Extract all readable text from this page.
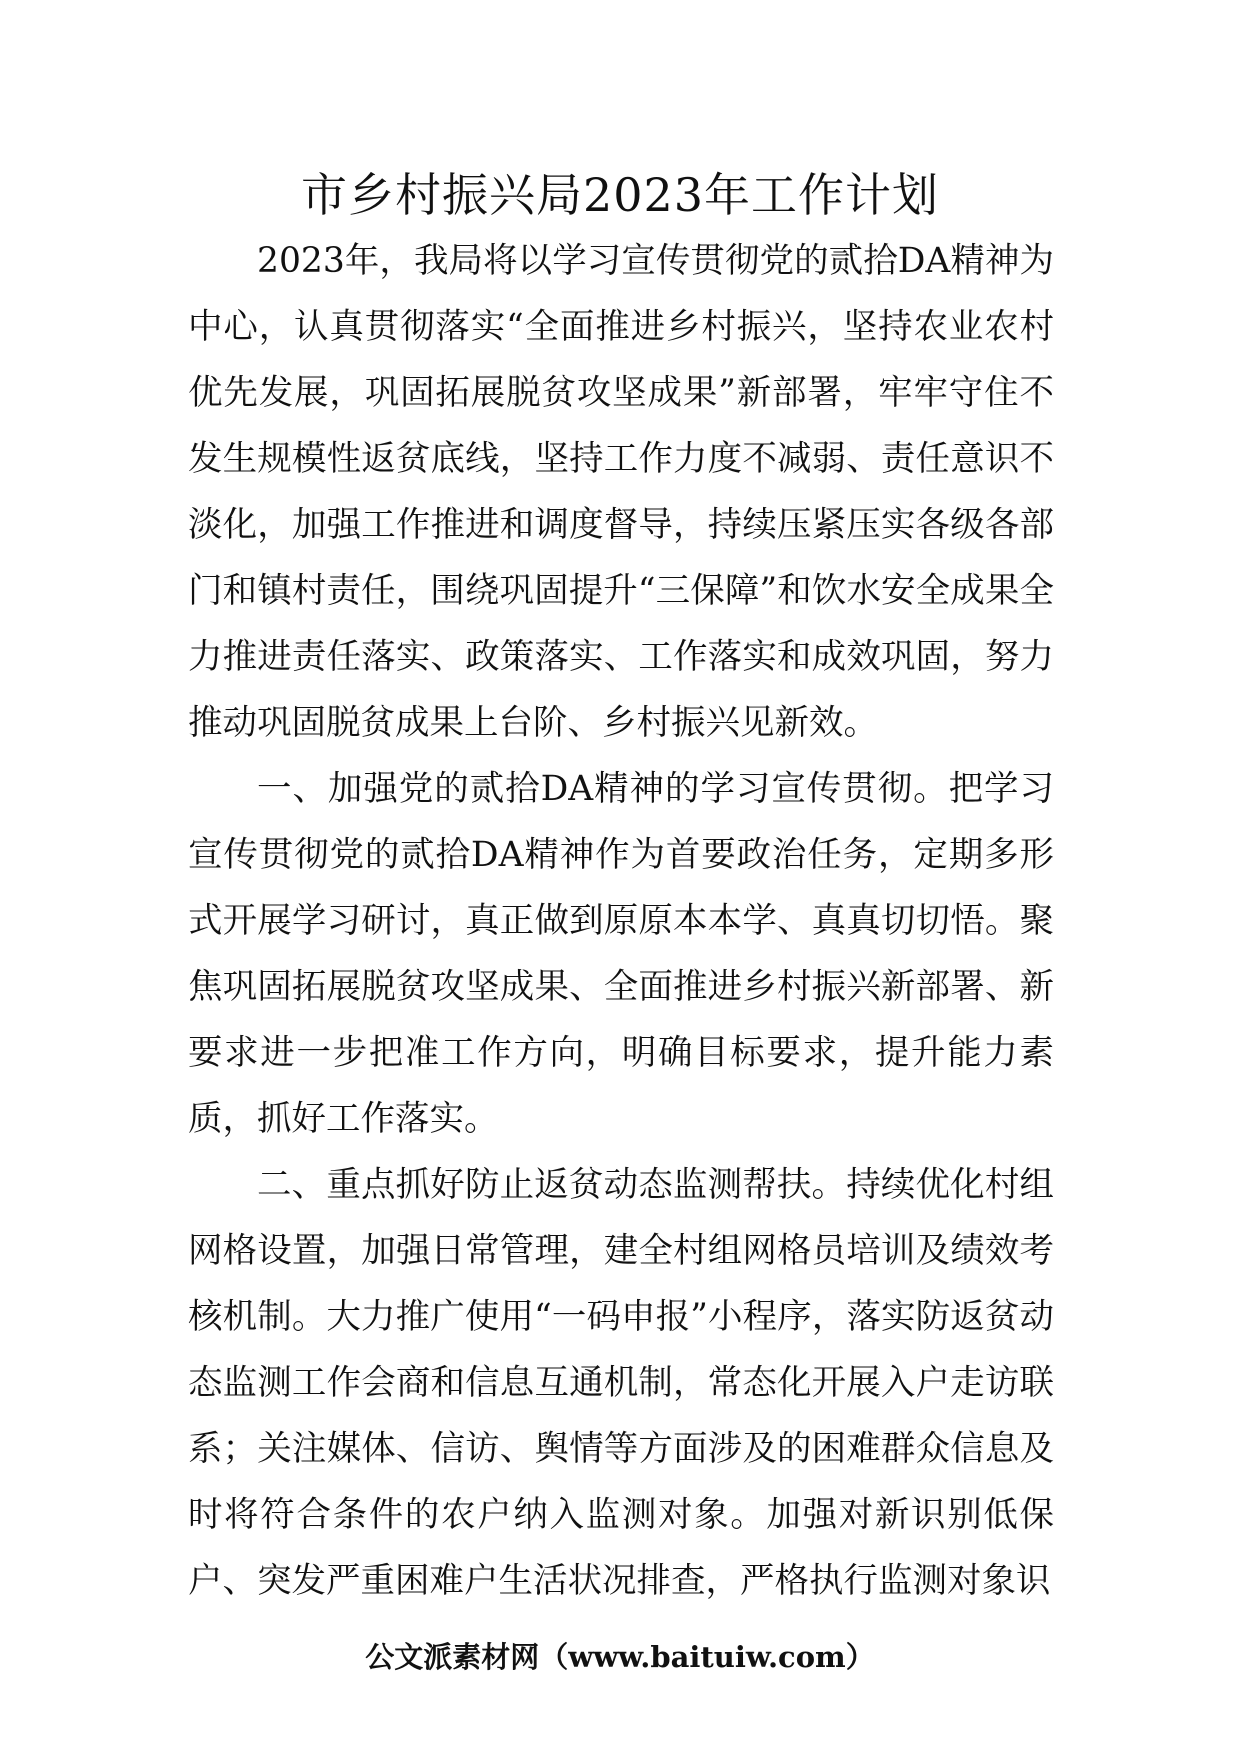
市乡村振兴局2023年工作计划

2023年，我局将以学习宣传贯彻党的贰拾DA精神为中心，认真贯彻落实“全面推进乡村振兴，坚持农业农村优先发展，巩固拓展脱贫攻坚成果”新部署，牢牢守住不发生规模性返贫底线，坚持工作力度不减弱、责任意识不淡化，加强工作推进和调度督导，持续压紧压实各级各部门和镇村责任，围绕巩固提升“三保障”和饮水安全成果全力推进责任落实、政策落实、工作落实和成效巩固，努力推动巩固脱贫成果上台阶、乡村振兴见新效。

一、加强党的贰拾DA精神的学习宣传贯彻。把学习宣传贯彻党的贰拾DA精神作为首要政治任务，定期多形式开展学习研讨，真正做到原原本本学、真真切切悟。聚焦巩固拓展脱贫攻坚成果、全面推进乡村振兴新部署、新要求进一步把准工作方向，明确目标要求，提升能力素质，抓好工作落实。

二、重点抓好防止返贫动态监测帮扶。持续优化村组网格设置，加强日常管理，建全村组网格员培训及绩效考核机制。大力推广使用“一码申报”小程序，落实防返贫动态监测工作会商和信息互通机制，常态化开展入户走访联系；关注媒体、信访、舆情等方面涉及的困难群众信息及时将符合条件的农户纳入监测对象。加强对新识别低保户、突发严重困难户生活状况排查，严格执行监测对象识

公文派素材网（www.baituiw.com）
